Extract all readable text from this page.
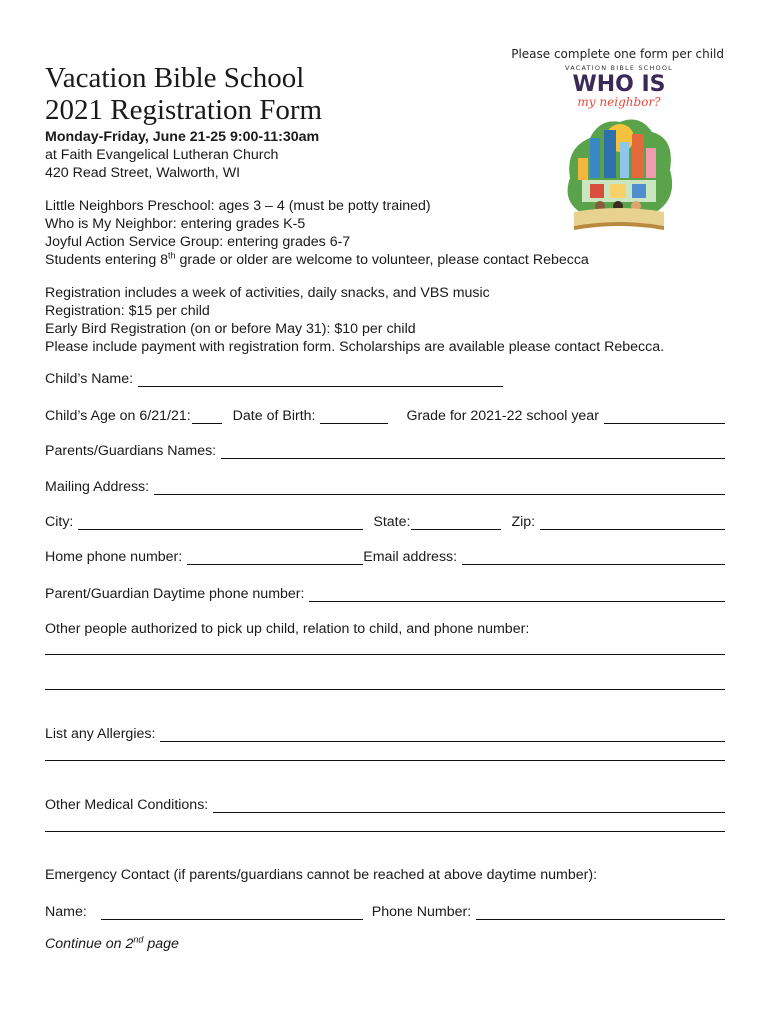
Please complete one form per child
Vacation Bible School
2021 Registration Form
Monday-Friday, June 21-25 9:00-11:30am
at Faith Evangelical Lutheran Church
420 Read Street, Walworth, WI
Little Neighbors Preschool: ages 3 – 4 (must be potty trained)
Who is My Neighbor: entering grades K-5
Joyful Action Service Group: entering grades 6-7
Students entering 8th grade or older are welcome to volunteer, please contact Rebecca
Registration includes a week of activities, daily snacks, and VBS music
Registration: $15 per child
Early Bird Registration (on or before May 31): $10 per child
Please include payment with registration form. Scholarships are available please contact Rebecca.
VACATION BIBLE SCHOOL
WHO IS
my neighbor?
Child’s Name:
Child’s Age on 6/21/21:	Date of Birth:	Grade for 2021-22 school year
Parents/Guardians Names:
Mailing Address:
City:	State:	Zip:
Home phone number:	Email address:
Parent/Guardian Daytime phone number:
Other people authorized to pick up child, relation to child, and phone number:
List any Allergies:
Other Medical Conditions:
Emergency Contact (if parents/guardians cannot be reached at above daytime number):
Name:	Phone Number:
Continue on 2nd page
